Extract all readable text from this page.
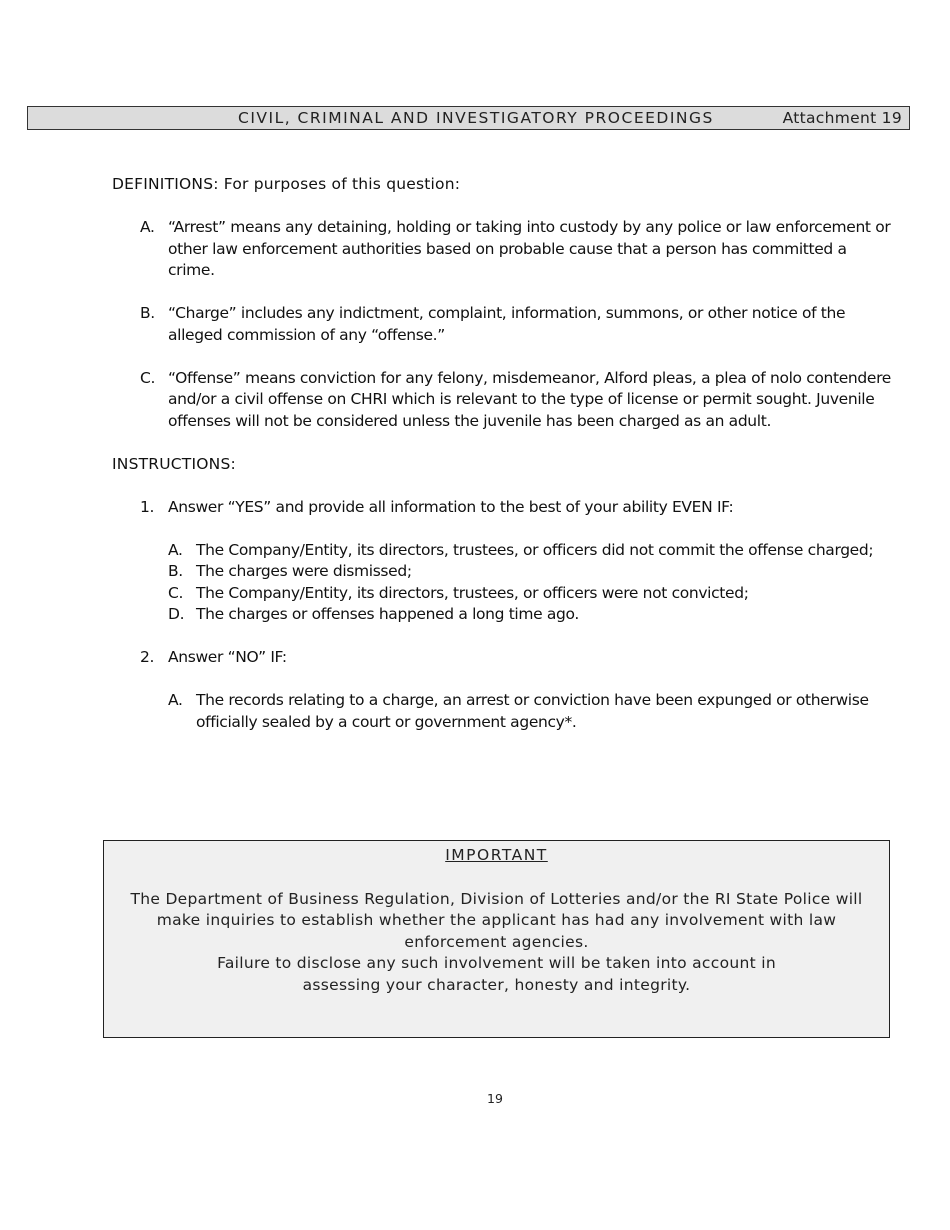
CIVIL, CRIMINAL AND INVESTIGATORY PROCEEDINGS	Attachment 19

DEFINITIONS: For purposes of this question:

A. “Arrest” means any detaining, holding or taking into custody by any police or law enforcement or other law enforcement authorities based on probable cause that a person has committed a crime.
B. “Charge” includes any indictment, complaint, information, summons, or other notice of the alleged commission of any “offense.”
C. “Offense” means conviction for any felony, misdemeanor, Alford pleas, a plea of nolo contendere and/or a civil offense on CHRI which is relevant to the type of license or permit sought. Juvenile offenses will not be considered unless the juvenile has been charged as an adult.

INSTRUCTIONS:

1. Answer “YES” and provide all information to the best of your ability EVEN IF:
A. The Company/Entity, its directors, trustees, or officers did not commit the offense charged;
B. The charges were dismissed;
C. The Company/Entity, its directors, trustees, or officers were not convicted;
D. The charges or offenses happened a long time ago.
2. Answer “NO” IF:
A. The records relating to a charge, an arrest or conviction have been expunged or otherwise officially sealed by a court or government agency*.
IMPORTANT
The Department of Business Regulation, Division of Lotteries and/or the RI State Police will make inquiries to establish whether the applicant has had any involvement with law enforcement agencies.
Failure to disclose any such involvement will be taken into account in assessing your character, honesty and integrity.
19
